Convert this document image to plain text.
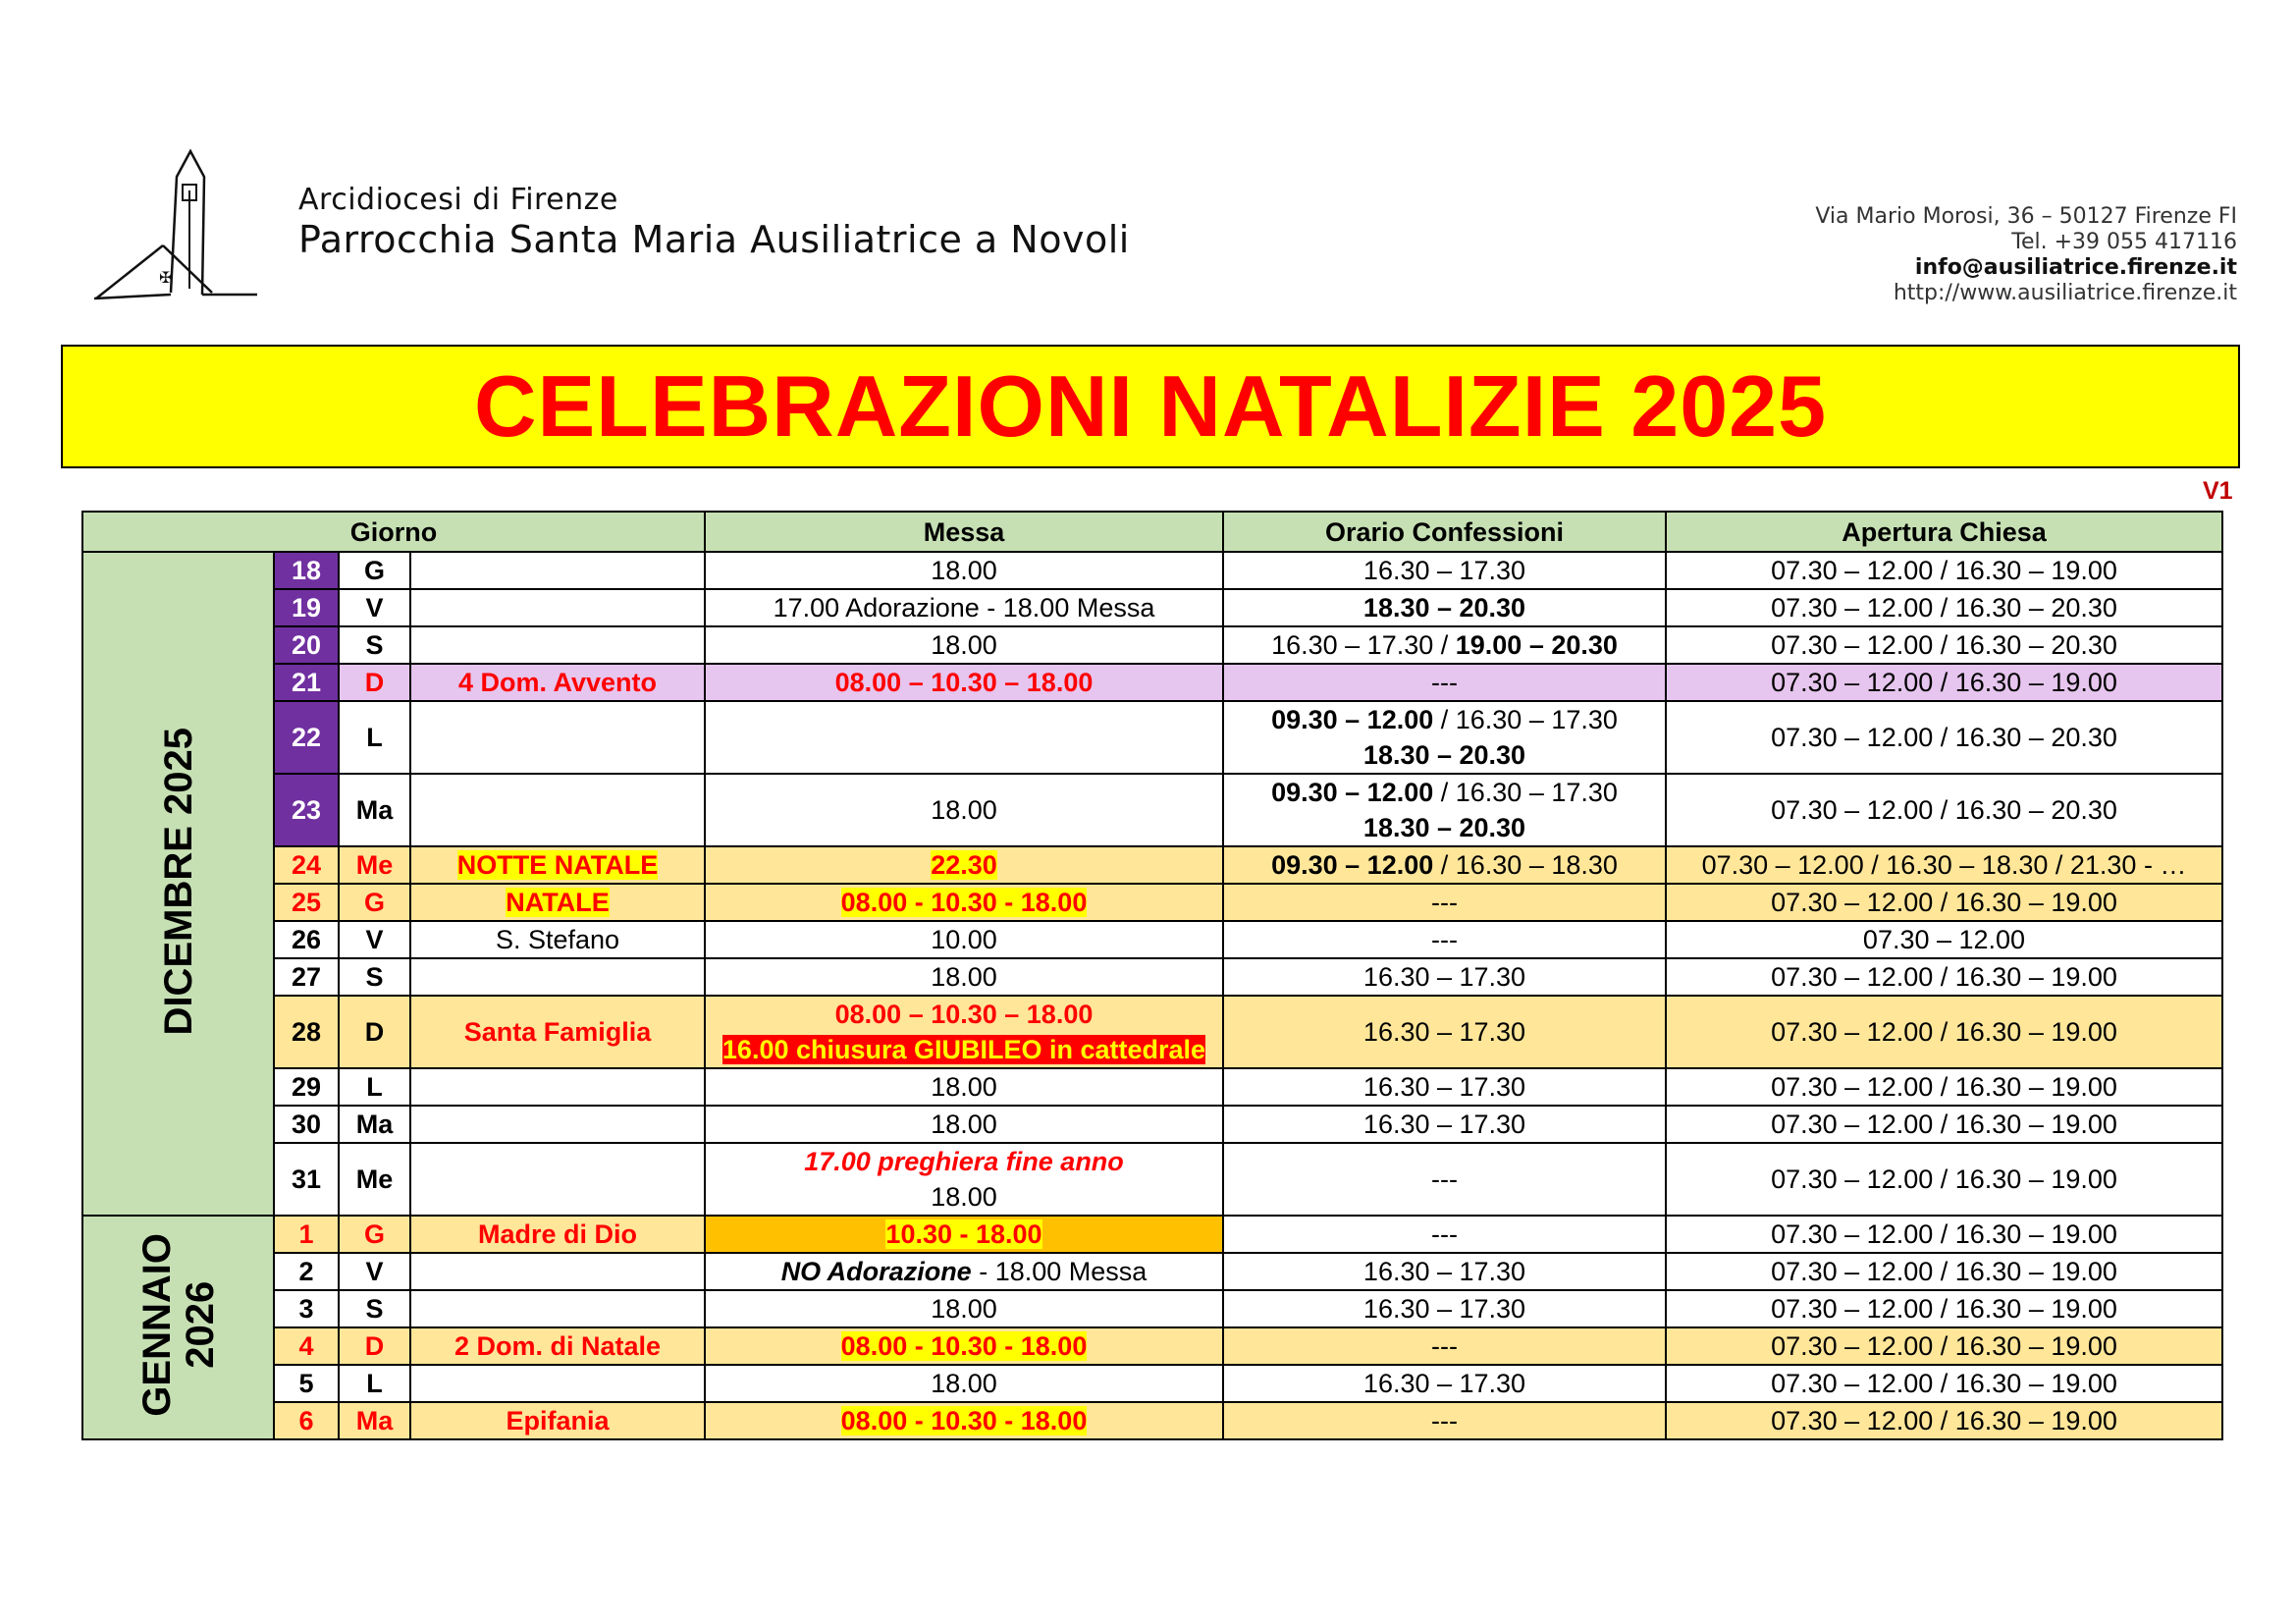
✠
Arcidiocesi di Firenze
Parrocchia Santa Maria Ausiliatrice a Novoli
Via Mario Morosi, 36 – 50127 Firenze FI
Tel. +39 055 417116
info@ausiliatrice.firenze.it
http://www.ausiliatrice.firenze.it
CELEBRAZIONI NATALIZIE 2025
V1
Giorno				Messa	Orario Confessioni	Apertura Chiesa
DICEMBRE 2025	18	G		18.00	16.30 – 17.30	07.30 – 12.00 / 16.30 – 19.00
	19	V		17.00 Adorazione - 18.00 Messa	18.30 – 20.30	07.30 – 12.00 / 16.30 – 20.30
	20	S		18.00	16.30 – 17.30 / 19.00 – 20.30	07.30 – 12.00 / 16.30 – 20.30
	21	D	4 Dom. Avvento	08.00 – 10.30 – 18.00	---	07.30 – 12.00 / 16.30 – 19.00
	22	L			09.30 – 12.00 / 16.30 – 17.30
18.30 – 20.30	07.30 – 12.00 / 16.30 – 20.30
	23	Ma		18.00	09.30 – 12.00 / 16.30 – 17.30
18.30 – 20.30	07.30 – 12.00 / 16.30 – 20.30
	24	Me	NOTTE NATALE	22.30	09.30 – 12.00 / 16.30 – 18.30	07.30 – 12.00 / 16.30 – 18.30 / 21.30 - …
	25	G	NATALE	08.00 - 10.30 - 18.00	---	07.30 – 12.00 / 16.30 – 19.00
	26	V	S. Stefano	10.00	---	07.30 – 12.00
	27	S		18.00	16.30 – 17.30	07.30 – 12.00 / 16.30 – 19.00
	28	D	Santa Famiglia	08.00 – 10.30 – 18.00
16.00 chiusura GIUBILEO in cattedrale	16.30 – 17.30	07.30 – 12.00 / 16.30 – 19.00
	29	L		18.00	16.30 – 17.30	07.30 – 12.00 / 16.30 – 19.00
	30	Ma		18.00	16.30 – 17.30	07.30 – 12.00 / 16.30 – 19.00
	31	Me		17.00 preghiera fine anno
18.00	---	07.30 – 12.00 / 16.30 – 19.00
GENNAIO
2026	1	G	Madre di Dio	10.30 - 18.00	---	07.30 – 12.00 / 16.30 – 19.00
	2	V		NO Adorazione - 18.00 Messa	16.30 – 17.30	07.30 – 12.00 / 16.30 – 19.00
	3	S		18.00	16.30 – 17.30	07.30 – 12.00 / 16.30 – 19.00
	4	D	2 Dom. di Natale	08.00 - 10.30 - 18.00	---	07.30 – 12.00 / 16.30 – 19.00
	5	L		18.00	16.30 – 17.30	07.30 – 12.00 / 16.30 – 19.00
	6	Ma	Epifania	08.00 - 10.30 - 18.00	---	07.30 – 12.00 / 16.30 – 19.00
